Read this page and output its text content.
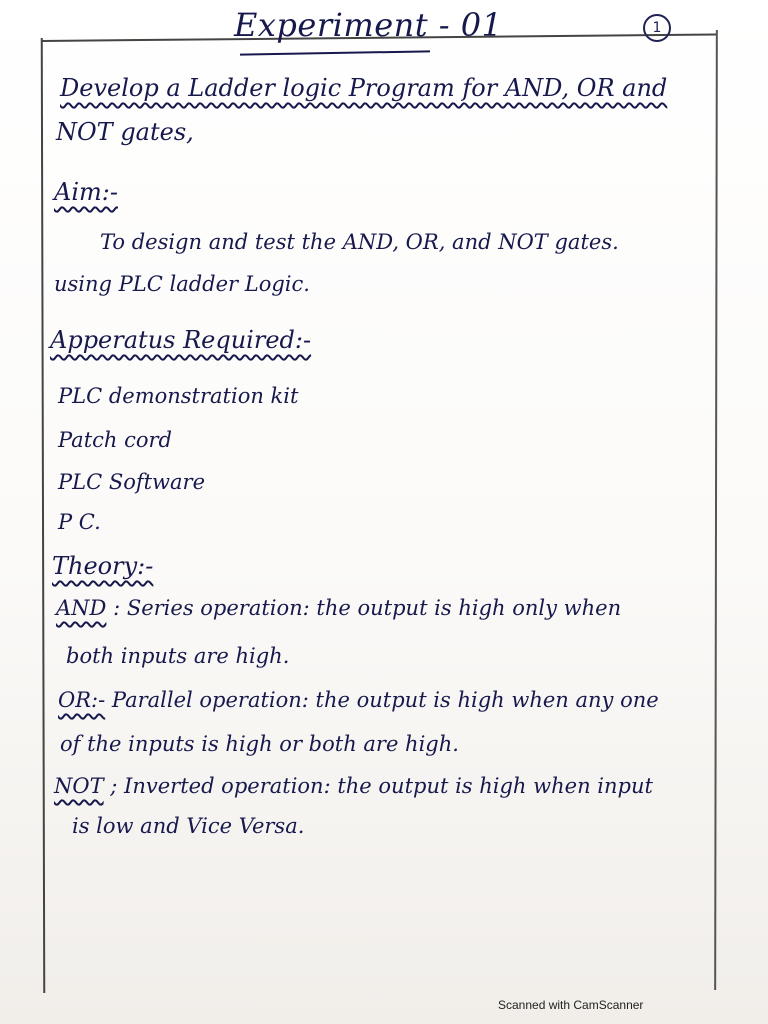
1
Experiment - 01
Develop a Ladder logic Program for AND, OR and
NOT gates,
Aim:-
To design and test the AND, OR, and NOT gates.
using PLC ladder Logic.
Apperatus Required:-
PLC demonstration kit
Patch cord
PLC Software
P C.
Theory:-
AND : Series operation: the output is high only when
both inputs are high.
OR:- Parallel operation: the output is high when any one
of the inputs is high or both are high.
NOT ; Inverted operation: the output is high when input
is low and Vice Versa.
Scanned with CamScanner
